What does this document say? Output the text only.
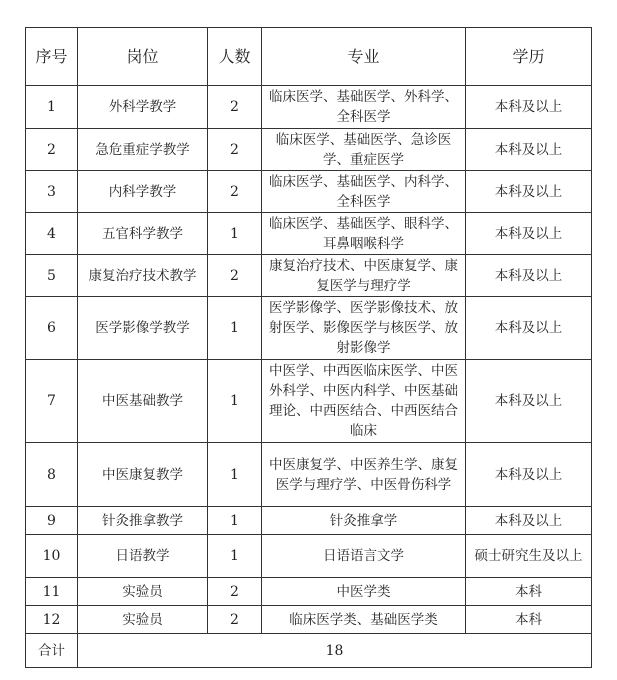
序号	岗位	人数	专业	学历
1	外科学教学	2	临床医学、基础医学、外科学、全科医学	本科及以上
2	急危重症学教学	2	临床医学、基础医学、急诊医学、重症医学	本科及以上
3	内科学教学	2	临床医学、基础医学、内科学、全科医学	本科及以上
4	五官科学教学	1	临床医学、基础医学、眼科学、耳鼻咽喉科学	本科及以上
5	康复治疗技术教学	2	康复治疗技术、中医康复学、康复医学与理疗学	本科及以上
6	医学影像学教学	1	医学影像学、医学影像技术、放射医学、影像医学与核医学、放射影像学	本科及以上
7	中医基础教学	1	中医学、中西医临床医学、中医外科学、中医内科学、中医基础理论、中西医结合、中西医结合临床	本科及以上
8	中医康复教学	1	中医康复学、中医养生学、康复医学与理疗学、中医骨伤科学	本科及以上
9	针灸推拿教学	1	针灸推拿学	本科及以上
10	日语教学	1	日语语言文学	硕士研究生及以上
11	实验员	2	中医学类	本科
12	实验员	2	临床医学类、基础医学类	本科
合计	18			
